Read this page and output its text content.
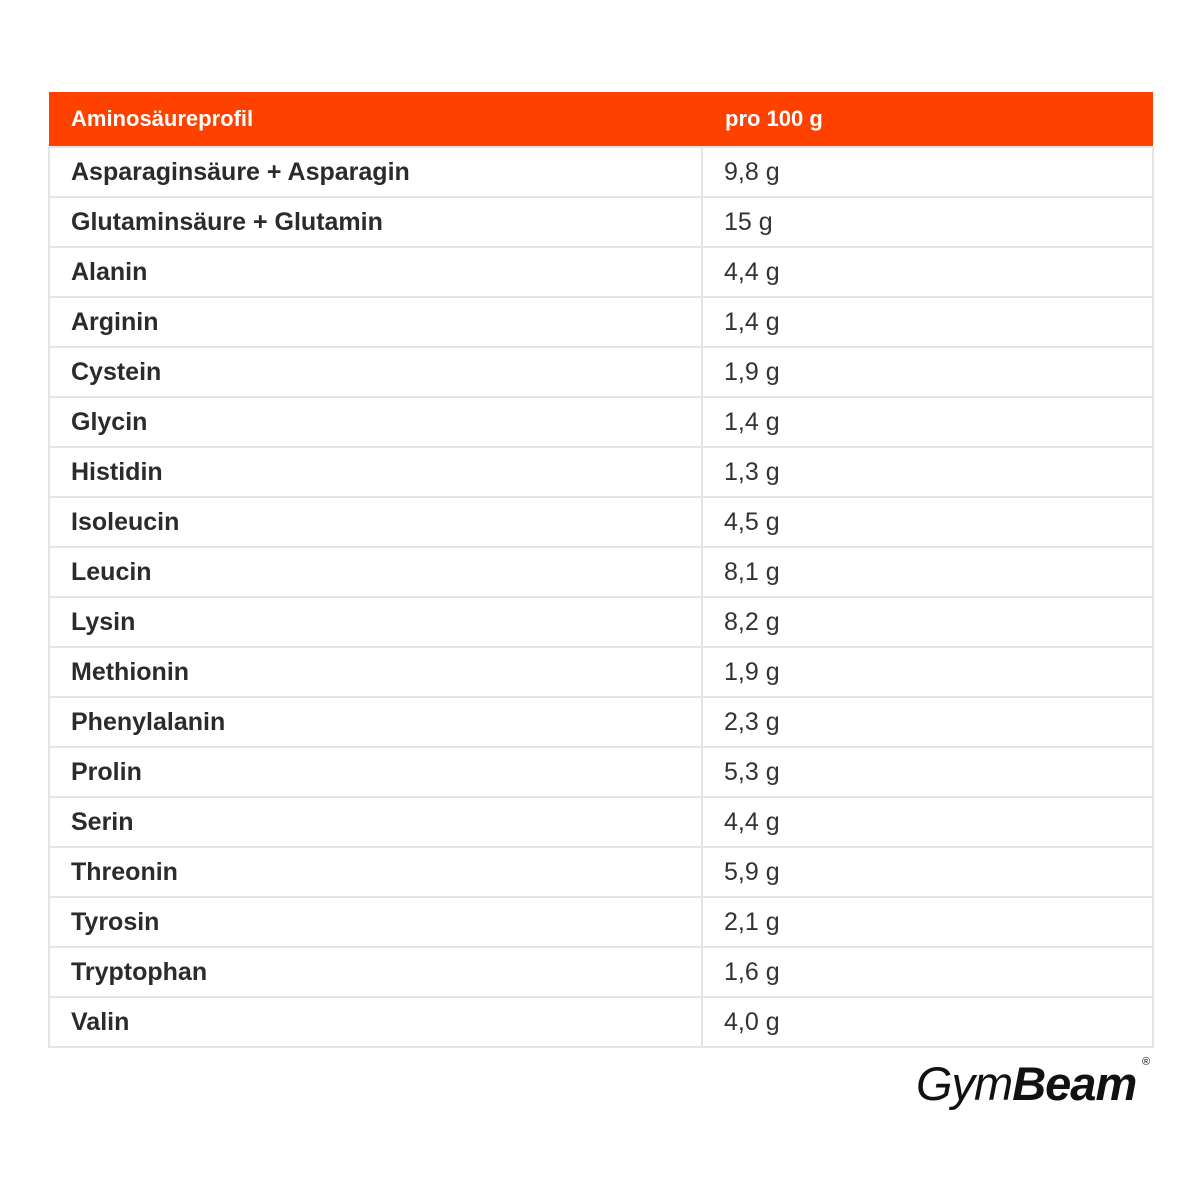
Aminosäureprofil	pro 100 g
Asparaginsäure + Asparagin	9,8 g
Glutaminsäure + Glutamin	15 g
Alanin	4,4 g
Arginin	1,4 g
Cystein	1,9 g
Glycin	1,4 g
Histidin	1,3 g
Isoleucin	4,5 g
Leucin	8,1 g
Lysin	8,2 g
Methionin	1,9 g
Phenylalanin	2,3 g
Prolin	5,3 g
Serin	4,4 g
Threonin	5,9 g
Tyrosin	2,1 g
Tryptophan	1,6 g
Valin	4,0 g
GymBeam ®
